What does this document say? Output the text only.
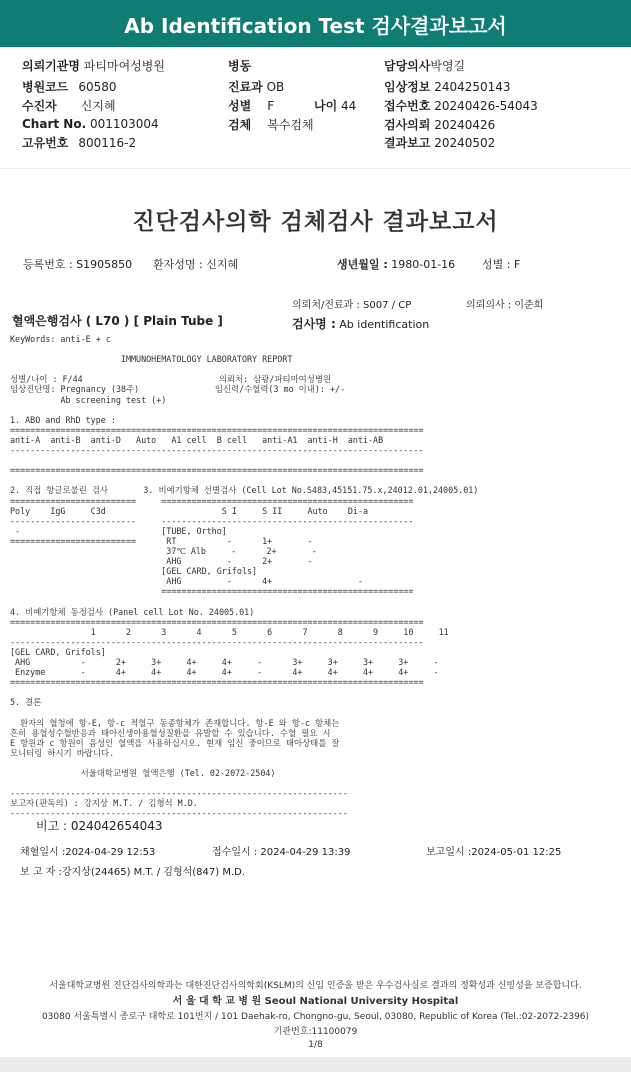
Ab Identification Test 검사결과보고서
의뢰기관명 파티마여성병원
병원코드 60580
수진자 신지혜
Chart No. 001103004
고유번호 800116-2
병동
진료과 OB
성별 F	나이 44
검체 복수검체
담당의사박영길
임상정보 2404250143
접수번호 20240426-54043
검사의뢰 20240426
결과보고 20240502
진단검사의학 검체검사 결과보고서
등록번호 : S1905850 환자성명 : 신지혜	생년월일 : 1980-01-16 성별 : F
의뢰처/진료과 : S007 / CP	의뢰의사 : 이준희
혈액은행검사 ( L70 ) [ Plain Tube ]	검사명 : Ab identification
KeyWords: anti-E + c

IMMUNOHEMATOLOGY LABORATORY REPORT

성별/나이 : F/44                           의뢰처: 삼광/파티마여성병원
임상진단명: Pregnancy (38주)               임신력/수혈력(3 mo 이내): +/-
Ab screening test (+)

1. ABO and RhD type :
==================================================================================
anti-A  anti-B  anti-D   Auto   A1 cell  B cell   anti-A1  anti-H  anti-AB
----------------------------------------------------------------------------------

==================================================================================

2. 직접 항글로불린 검사       3. 비예기항체 선별검사 (Cell Lot No.S483,45151.75.x,24012.01,24005.01)
=========================     ==================================================
Poly    IgG     C3d                       S I     S II     Auto    Di-a
-------------------------     --------------------------------------------------
-                            [TUBE, Ortho]
=========================      RT          -      1+       -
37℃ Alb     -      2+       -
AHG         -      2+       -
[GEL CARD, Grifols]
AHG         -      4+                 -
==================================================

4. 비예기항체 동정검사 (Panel cell Lot No. 24005.01)
==================================================================================
1      2      3      4      5      6      7      8      9     10     11
----------------------------------------------------------------------------------
[GEL CARD, Grifols]
AHG          -      2+     3+     4+     4+     -      3+     3+     3+     3+     -
Enzyme       -      4+     4+     4+     4+     -      4+     4+     4+     4+     -
==================================================================================

5. 결론

환자의 혈청에 항-E, 항-c 적혈구 동종항체가 존재합니다. 항-E 와 항-c 항체는
흔히 용혈성수혈반응과 태아신생아용혈성질환을 유발할 수 있습니다. 수혈 필요 시
E 항원과 c 항원이 음성인 혈액을 사용하십시오. 현재 임신 중이므로 태아상태를 잘
모니터링 하시기 바랍니다.

서울대학교병원 혈액은행 (Tel. 02-2072-2504)

-------------------------------------------------------------------
보고자(판독의) : 강지상 M.T. / 김형석 M.D.
-------------------------------------------------------------------
비고 : 024042654043
채혈일시 :2024-04-29 12:53	접수일시 : 2024-04-29 13:39	보고일시 :2024-05-01 12:25
보 고 자 :강지상(24465) M.T. / 김형석(847) M.D.
서울대학교병원 진단검사의학과는 대한진단검사의학회(KSLM)의 신임 인증을 받은 우수검사실로 결과의 정확성과 신빙성을 보증합니다.
서 울 대 학 교 병 원 Seoul National University Hospital
03080 서울특별시 종로구 대학로 101번지 / 101 Daehak-ro, Chongno-gu, Seoul, 03080, Republic of Korea (Tel.:02-2072-2396)
기관번호:11100079
1/8
